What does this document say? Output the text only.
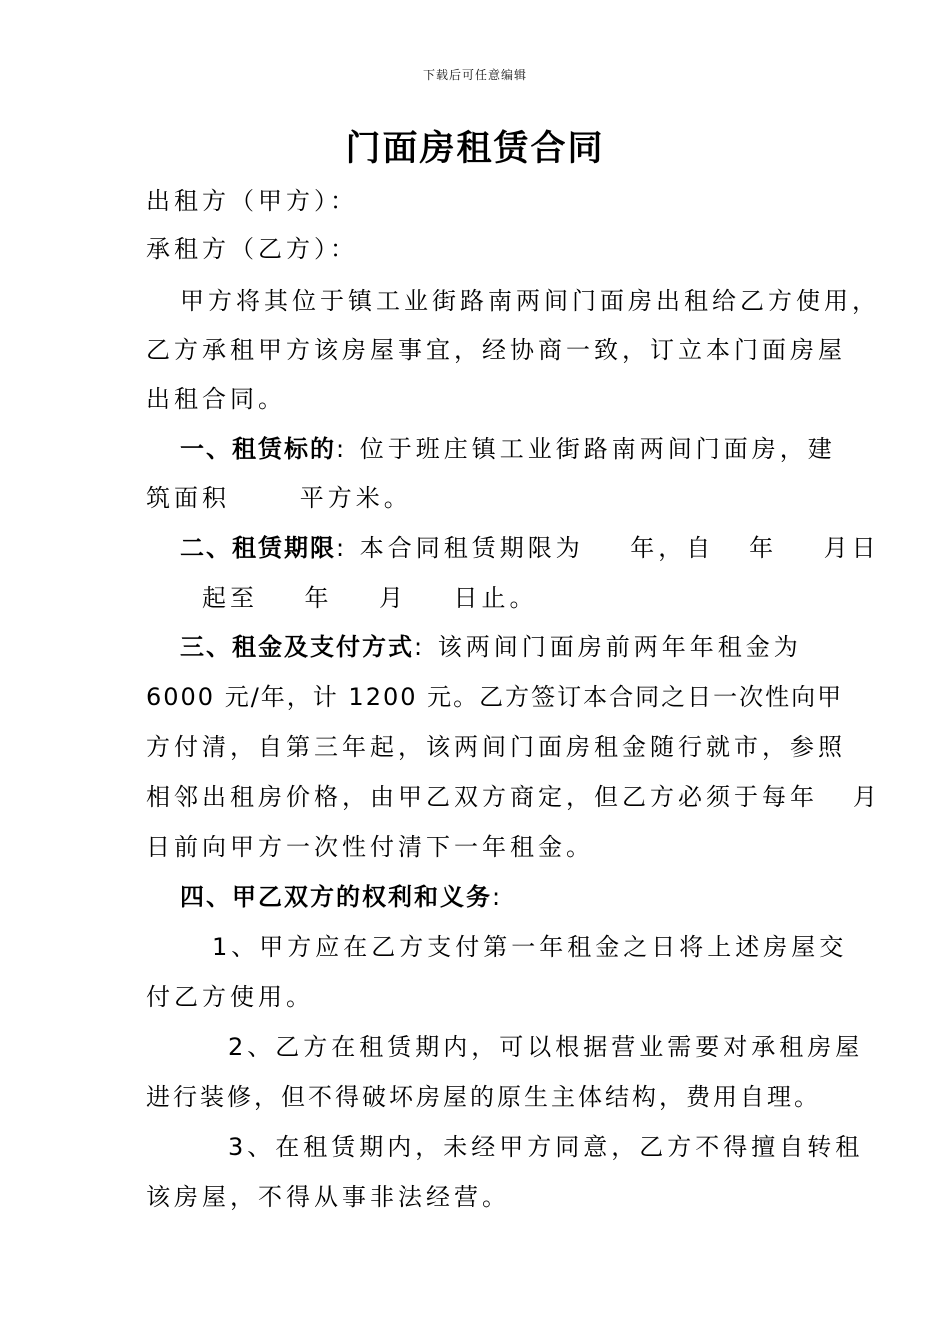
下载后可任意编辑
门面房租赁合同
出租方（甲方）：
承租方（乙方）：
甲方将其位于镇工业街路南两间门面房出租给乙方使用，
乙方承租甲方该房屋事宜，经协商一致，订立本门面房屋
出租合同。
一、租赁标的: 位于班庄镇工业街路南两间门面房，建
筑面积      平方米。
二、租赁期限: 本合同租赁期限为    年，自   年    月日
起至    年    月    日止。
三、租金及支付方式: 该两间门面房前两年年租金为
6000 元/年，计 1200 元。乙方签订本合同之日一次性向甲
方付清，自第三年起，该两间门面房租金随行就市，参照
相邻出租房价格，由甲乙双方商定，但乙方必须于每年   月
日前向甲方一次性付清下一年租金。
四、甲乙双方的权利和义务:
1、甲方应在乙方支付第一年租金之日将上述房屋交
付乙方使用。
2、乙方在租赁期内，可以根据营业需要对承租房屋
进行装修，但不得破坏房屋的原生主体结构，费用自理。
3、在租赁期内，未经甲方同意，乙方不得擅自转租
该房屋，不得从事非法经营。
